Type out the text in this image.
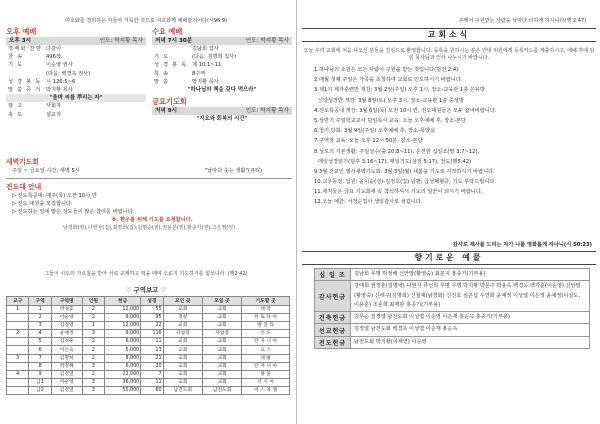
여호와를 경외하는 자들아 거룩한 것으로 여호와께 예배할지어다(시96:9)
오후 예배
오후 3시	인도: 박지황 목사
경배와 찬양 다같이
찬 송	496장
기 도	이순영 권사
(다음: 백경옥 권사)
성 경 봉 독 시 126:5~6
말 씀 증 거 박지황 목사
"울며 씨를 뿌리는 자"
광 고	사회자
축 도	설교자
수요 예배
저녁 7시 30분	인도: 박지황 목사
김남희 집사
기 도	(다음: 김명희 집사)
성 경 봉 독 계 10:1~11
특 송	8구역
말 씀	박지황 목사
"하나님의 책을 갖다 먹으라"
금요기도회
저녁 9시	인도: 박지황 목사
"지요와 회복의 시간"
새벽기도회
주일 ~ 금요일 시간: 새벽 5시	"날마다 솟는 생활"(큐티)
전도대 안내
▷ 전도특공대: 매주(목) 오전 10시 반
▷ 전도 대원을 모집합니다.
▷ 전도하는 일에 많은 성도들이 많은 참여를 바랍니다.
※. 환우를 위해 기도를 요청합니다.
남경화(권),나현자(집),최영희(집),김명순(권),권용분(권),황순자(권),고은영(성)
그들이 사도의 가르침을 받아 서로 교제하고 떡을 떼며 오로지 기도하기를 힘쓰니라. (행2:42)
♡ 구역보고 ♡
교구	구역	구역명	인원	헌금	성경	모인 곳	모일 곳	기도할 곳
1	1	박경호	2	12,000	55	교회	교회	태 국
	2	이순영	2	9,000	95	정창	교회	한 토 다 아
	3	김정열	1	12,000	22	교회	교회	방 글 라
2	4	윤예정	3	9,000	116	사업장	사업장	인 도
	5	김경순	2	6,000	11	교회	교회	탄 자 니 아
	6	이은숙	2	5,000	13	교회	교회	요 스
3	7	김명희	2	8,000	21	교회	교회	네 팔
	8	박정해	3	6,000	30	교회	교회	탄 자 니 아
4	9	김정열	2	22,000	7	교회	교회	몽 골
	남1	이순영	3	36,000	11	교회	교회	러 시 아
	남2	김정열	3	50,000	60	남전도회	남전도회	이 스 라 엘
주께서 구원받는 사람을 날마다 더하게 하시니라(행 2:47)
교회소식
오늘 우리 교회에 처음 나오신 분들을 진심으로 환영합니다. 등록을 원하시는 분은 안내 위원에게 등록카드를 제출하시고, 예배 후에 담임 목사님과 인사 나누시기 바랍니다.
1.하나님의 소원은 모든 사람이 구원을 받는 것입니다(딤전 2:4).
2.매월 첫째 주일은 가족을 초청하여 교회로 인도하시기 바랍니다.
3.제1기 제자훈련반 개강: 3월 2일(주일) 오후 1시, 장소-교육관 1층 은유방
신앙성장반 개강: 3월 8일(토) 오후 3시, 장소-교육관 1층 중성방
4.전도특공대 개강: 3월 6일(목) 오전 10시 반, 전도대원들은 모두 참여바랍니다.
5.상반기 주일학교교사 담임목사 교육: 오늘 오후예배 후, 장소-본당
6.청기 당회: 3월 9일(주일) 오후예배 후, 장소-목양실
7.구역장 교육: 오늘 오후 12시 50분, 장소-본당
8.성도의 기본생활: 주일성수(출 20:8~11), 온전한 십일조(말 3:7~12),
매일성경읽기(딤후 3:16~17), 매일기도(살전 5:17), 전도(행5:42)
9.3월 전교인 필사새벽기도회: 3월 3일(월) 새봄을 기도로 시작하시기 바랍니다.
10.교우동정: 입원: 윤이순(성)-김정호(집) 남편, 급성패혈증, 기도 부탁드립니다.
11.제직들은 금요 기도회에 꼭 참석하셔서 기도의 일꾼이 되시기 바랍니다.
12.오늘 예찬: 서정순집사 생일감사로 섬깁니다.
감사로 제사를 드리는 자가 나를 영화롭게 하나니(시 50:23)
향기로운 예물
십 일 조	김남희 무명 박정해 신안말(황영숙) 최분지 홍종기(기부용)
감사헌금	강태희 권정훈(김명애) 나현자 류선희 무명 무명 박지황 박문주 박용옥 백경옥 백지훈(이순영) 신안말(황영숙) 신태구(김명희) 신철재(남경화) 신진호 심곤섭 우연화 윤예정 이성열 이은정 윤예정(이상도, 이용훈) 조준희 최재관 홍종기(기부용)
건축헌금	김무순 김정열 남전도회 이성엽 이순영 이은재 홍순옥 홍종기(기부용)
선교헌금	김정열 남전도회 백경옥 이성엽 이순재 홍순옥
전도헌금	남전도회 박지황(이세연) 이순영
